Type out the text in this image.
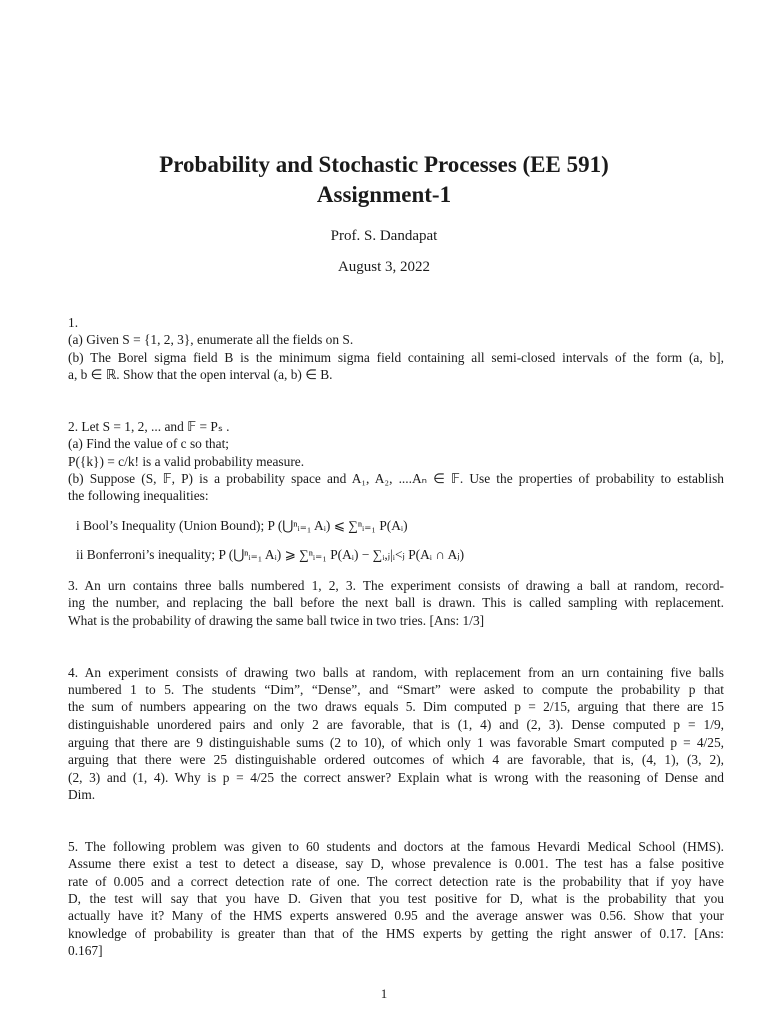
Probability and Stochastic Processes (EE 591)
Assignment-1
Prof. S. Dandapat
August 3, 2022
1.
(a) Given S = {1, 2, 3}, enumerate all the fields on S.
(b) The Borel sigma field B is the minimum sigma field containing all semi-closed intervals of the form (a, b],
a, b ∈ ℝ. Show that the open interval (a, b) ∈ B.
2. Let S = 1, 2, ... and 𝔽 = Pₛ .
(a) Find the value of c so that;
P({k}) = c/k! is a valid probability measure.
(b) Suppose (S, 𝔽, P) is a probability space and A₁, A₂, ....Aₙ ∈ 𝔽. Use the properties of probability to establish
the following inequalities:
i Bool’s Inequality (Union Bound); P (⋃ⁿᵢ₌₁ Aᵢ) ⩽ ∑ⁿᵢ₌₁ P(Aᵢ)
ii Bonferroni’s inequality; P (⋃ⁿᵢ₌₁ Aᵢ) ⩾ ∑ⁿᵢ₌₁ P(Aᵢ) − ∑ᵢ,ⱼ|ᵢ<ⱼ P(Aᵢ ∩ Aⱼ)
3. An urn contains three balls numbered 1, 2, 3. The experiment consists of drawing a ball at random, record-
ing the number, and replacing the ball before the next ball is drawn. This is called sampling with replacement.
What is the probability of drawing the same ball twice in two tries. [Ans: 1/3]
4. An experiment consists of drawing two balls at random, with replacement from an urn containing five balls
numbered 1 to 5. The students “Dim”, “Dense”, and “Smart” were asked to compute the probability p that
the sum of numbers appearing on the two draws equals 5. Dim computed p = 2/15, arguing that there are 15
distinguishable unordered pairs and only 2 are favorable, that is (1, 4) and (2, 3). Dense computed p = 1/9,
arguing that there are 9 distinguishable sums (2 to 10), of which only 1 was favorable Smart computed p = 4/25,
arguing that there were 25 distinguishable ordered outcomes of which 4 are favorable, that is, (4, 1), (3, 2),
(2, 3) and (1, 4). Why is p = 4/25 the correct answer? Explain what is wrong with the reasoning of Dense and
Dim.
5. The following problem was given to 60 students and doctors at the famous Hevardi Medical School (HMS).
Assume there exist a test to detect a disease, say D, whose prevalence is 0.001. The test has a false positive
rate of 0.005 and a correct detection rate of one. The correct detection rate is the probability that if yoy have
D, the test will say that you have D. Given that you test positive for D, what is the probability that you
actually have it? Many of the HMS experts answered 0.95 and the average answer was 0.56. Show that your
knowledge of probability is greater than that of the HMS experts by getting the right answer of 0.17. [Ans:
0.167]
1
